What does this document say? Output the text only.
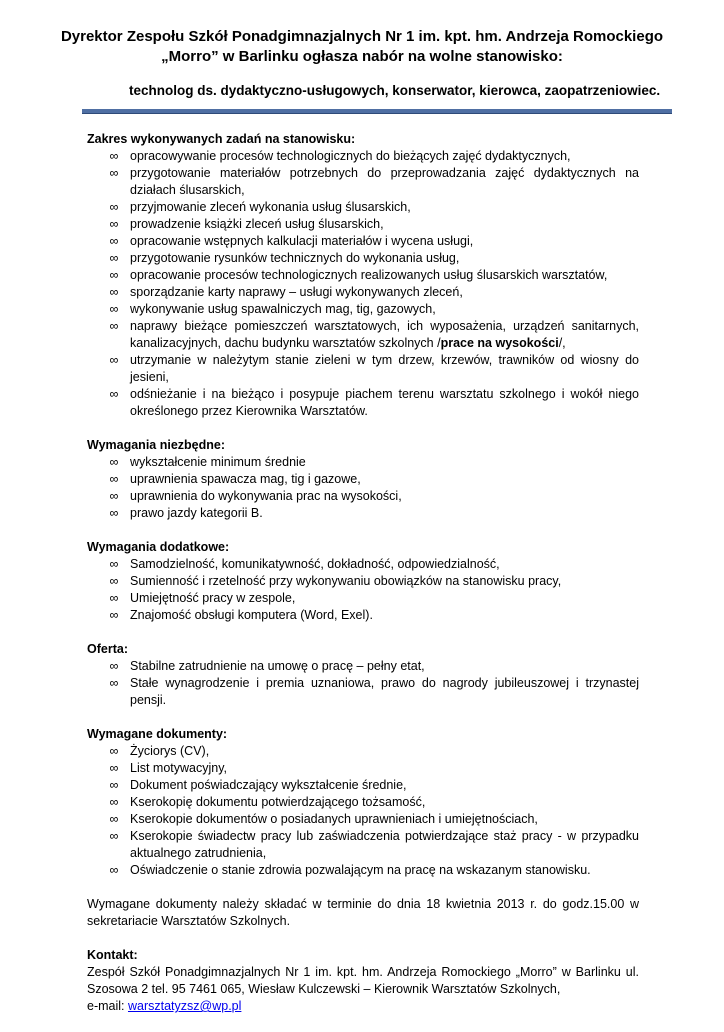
Dyrektor Zespołu Szkół Ponadgimnazjalnych Nr 1 im. kpt. hm. Andrzeja Romockiego
„Morro” w Barlinku ogłasza nabór na wolne stanowisko:
technolog ds. dydaktyczno-usługowych, konserwator, kierowca, zaopatrzeniowiec.
Zakres wykonywanych zadań na stanowisku:
∞ opracowywanie procesów technologicznych do bieżących zajęć dydaktycznych,
∞ przygotowanie materiałów potrzebnych do przeprowadzania zajęć dydaktycznych na działach ślusarskich,
∞ przyjmowanie zleceń wykonania usług ślusarskich,
∞ prowadzenie książki zleceń usług ślusarskich,
∞ opracowanie wstępnych kalkulacji materiałów i wycena usługi,
∞ przygotowanie rysunków technicznych do wykonania usług,
∞ opracowanie procesów technologicznych realizowanych usług ślusarskich warsztatów,
∞ sporządzanie karty naprawy – usługi wykonywanych zleceń,
∞ wykonywanie usług spawalniczych mag, tig, gazowych,
∞ naprawy bieżące pomieszczeń warsztatowych, ich wyposażenia, urządzeń sanitarnych, kanalizacyjnych, dachu budynku warsztatów szkolnych /prace na wysokości/,
∞ utrzymanie w należytym stanie zieleni w tym drzew, krzewów, trawników od wiosny do jesieni,
∞ odśnieżanie i na bieżąco i posypuje piachem terenu warsztatu szkolnego i wokół niego określonego przez Kierownika Warsztatów.
Wymagania niezbędne:
∞ wykształcenie minimum średnie
∞ uprawnienia spawacza mag, tig i gazowe,
∞ uprawnienia do wykonywania prac na wysokości,
∞ prawo jazdy kategorii B.
Wymagania dodatkowe:
∞ Samodzielność, komunikatywność, dokładność, odpowiedzialność,
∞ Sumienność i rzetelność przy wykonywaniu obowiązków na stanowisku pracy,
∞ Umiejętność pracy w zespole,
∞ Znajomość obsługi komputera (Word, Exel).
Oferta:
∞ Stabilne zatrudnienie na umowę o pracę – pełny etat,
∞ Stałe wynagrodzenie i premia uznaniowa, prawo do nagrody jubileuszowej i trzynastej pensji.
Wymagane dokumenty:
∞ Życiorys (CV),
∞ List motywacyjny,
∞ Dokument poświadczający wykształcenie średnie,
∞ Kserokopię dokumentu potwierdzającego tożsamość,
∞ Kserokopie dokumentów o posiadanych uprawnieniach i umiejętnościach,
∞ Kserokopie świadectw pracy lub zaświadczenia potwierdzające staż pracy - w przypadku aktualnego zatrudnienia,
∞ Oświadczenie o stanie zdrowia pozwalającym na pracę na wskazanym stanowisku.
Wymagane dokumenty należy składać w terminie do dnia 18 kwietnia 2013 r. do godz.15.00 w sekretariacie Warsztatów Szkolnych.
Kontakt:
Zespół Szkół Ponadgimnazjalnych Nr 1 im. kpt. hm. Andrzeja Romockiego „Morro” w Barlinku ul. Szosowa 2 tel. 95 7461 065, Wiesław Kulczewski – Kierownik Warsztatów Szkolnych,
e-mail: warsztatyzsz@wp.pl
